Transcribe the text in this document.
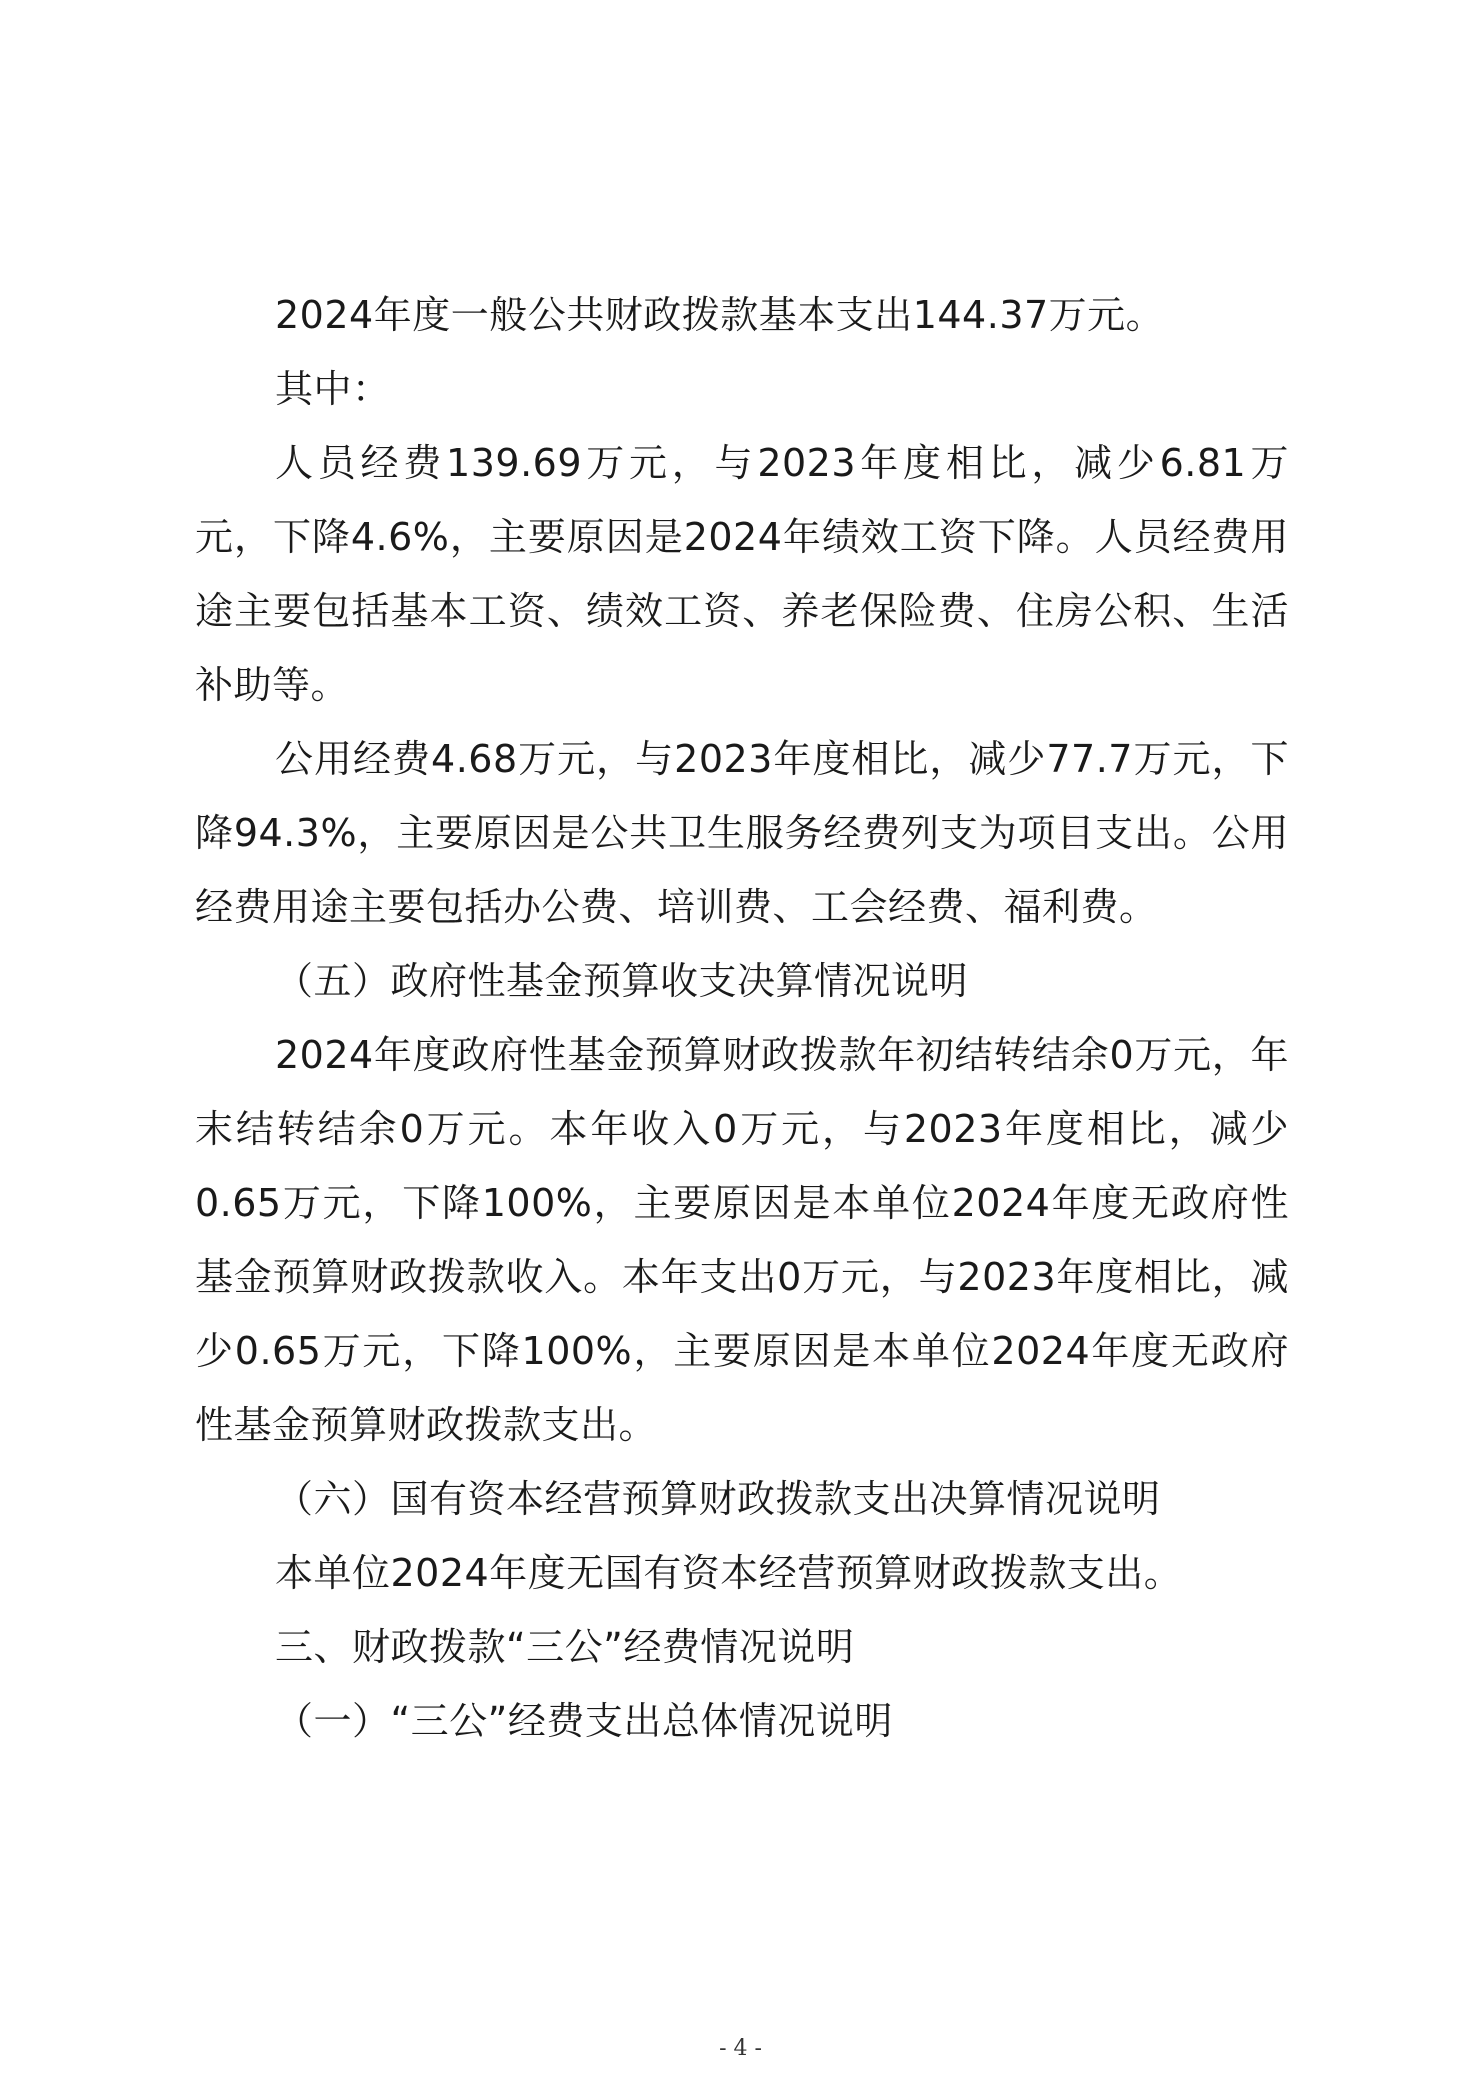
2024年度一般公共财政拨款基本支出144.37万元。

其中：

人员经费139.69万元，与2023年度相比，减少6.81万元，下降4.6%，主要原因是2024年绩效工资下降。人员经费用途主要包括基本工资、绩效工资、养老保险费、住房公积、生活补助等。

公用经费4.68万元，与2023年度相比，减少77.7万元，下降94.3%，主要原因是公共卫生服务经费列支为项目支出。公用经费用途主要包括办公费、培训费、工会经费、福利费。

（五）政府性基金预算收支决算情况说明

2024年度政府性基金预算财政拨款年初结转结余0万元，年末结转结余0万元。本年收入0万元，与2023年度相比，减少0.65万元，下降100%，主要原因是本单位2024年度无政府性基金预算财政拨款收入。本年支出0万元，与2023年度相比，减少0.65万元，下降100%，主要原因是本单位2024年度无政府性基金预算财政拨款支出。

（六）国有资本经营预算财政拨款支出决算情况说明

本单位2024年度无国有资本经营预算财政拨款支出。

三、财政拨款“三公”经费情况说明

（一）“三公”经费支出总体情况说明

- 4 -
